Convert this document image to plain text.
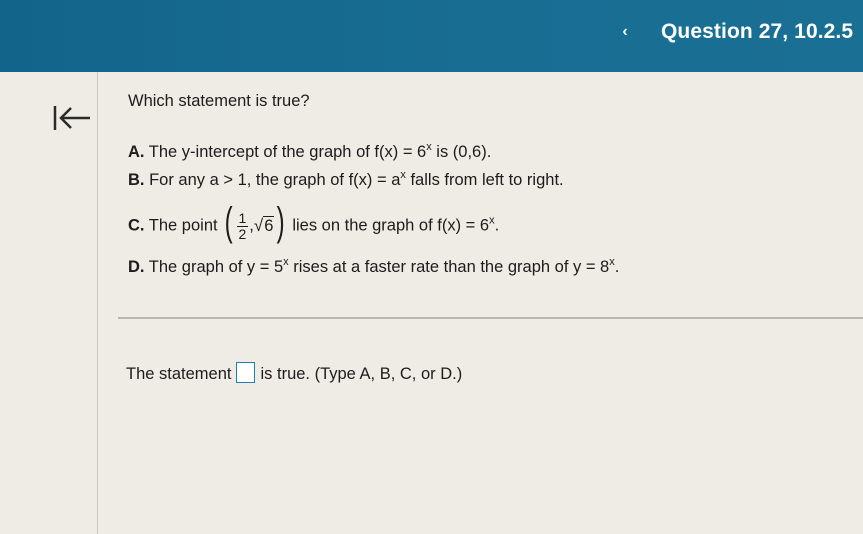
‹	Question 27, 10.2.5
Which statement is true?
A. The y-intercept of the graph of $f(x) = 6^x$ is (0,6).
B. For any a > 1, the graph of $f(x) = a^x$ falls from left to right.
C. The point ( $\frac{1}{2} ,√6$) lies on the graph of $f(x) = 6^x$.
D. The graph of $y = 5^x$ rises at a faster rate than the graph of $y = 8^x$.
The statement is true. (Type A, B, C, or D.)
